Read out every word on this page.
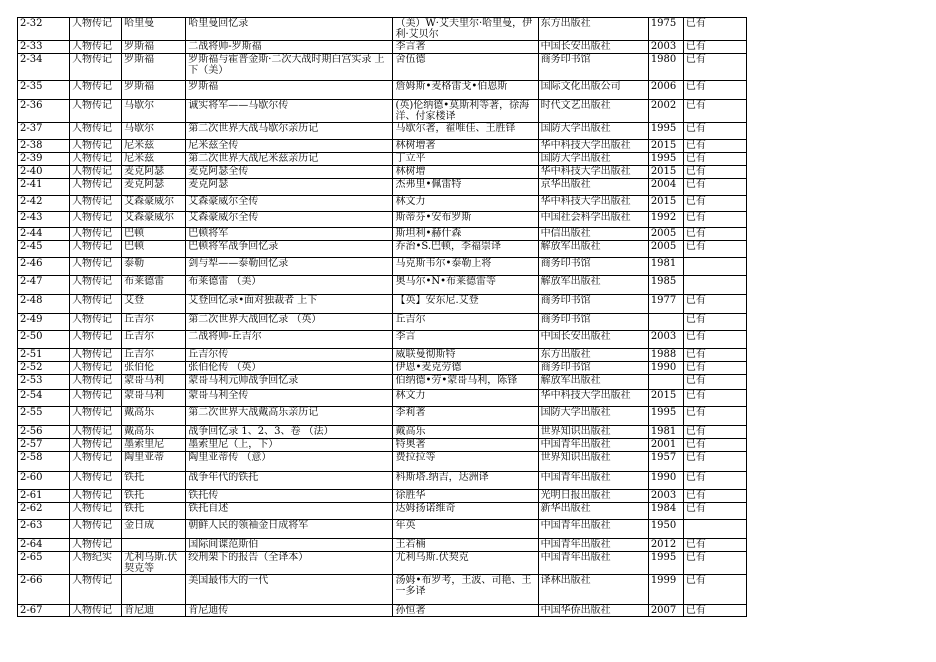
2-32	人物传记	哈里曼	哈里曼回忆录	（美）W·艾夫里尔·哈里曼，伊利·艾贝尔	东方出版社	1975	已有
2-33	人物传记	罗斯福	二战将帅-罗斯福	李言著	中国长安出版社	2003	已有
2-34	人物传记	罗斯福	罗斯福与霍普金斯·二次大战时期白宫实录 上下（美）	舍伍德	商务印书馆	1980	已有
2-35	人物传记	罗斯福	罗斯福	詹姆斯•麦格雷戈•伯恩斯	国际文化出版公司	2006	已有
2-36	人物传记	马歇尔	诚实将军——马歇尔传	(英)伦纳德•莫斯利等著，徐海洋、付家楼译	时代文艺出版社	2002	已有
2-37	人物传记	马歇尔	第二次世界大战马歇尔亲历记	马歇尔著，翟唯佳、王胜铎	国防大学出版社	1995	已有
2-38	人物传记	尼米兹	尼米兹全传	林树增著	华中科技大学出版社	2015	已有
2-39	人物传记	尼米兹	第二次世界大战尼米兹亲历记	丁立平	国防大学出版社	1995	已有
2-40	人物传记	麦克阿瑟	麦克阿瑟全传	林树增	华中科技大学出版社	2015	已有
2-41	人物传记	麦克阿瑟	麦克阿瑟	杰弗里•佩雷特	京华出版社	2004	已有
2-42	人物传记	艾森豪威尔	艾森豪威尔全传	林文力	华中科技大学出版社	2015	已有
2-43	人物传记	艾森豪威尔	艾森豪威尔全传	斯蒂芬•安布罗斯	中国社会科学出版社	1992	已有
2-44	人物传记	巴顿	巴顿将军	斯坦利•赫什森	中信出版社	2005	已有
2-45	人物传记	巴顿	巴顿将军战争回忆录	乔治•S.巴顿，李福崇译	解放军出版社	2005	已有
2-46	人物传记	泰勒	剑与犁——泰勒回忆录	马克斯韦尔•泰勒上将	商务印书馆	1981	
2-47	人物传记	布莱德雷	布莱德雷 （美）	奥马尔•N•布莱德雷等	解放军出版社	1985	
2-48	人物传记	艾登	艾登回忆录•面对独裁者 上下	【英】安东尼.艾登	商务印书馆	1977	已有
2-49	人物传记	丘吉尔	第二次世界大战回忆录 （英）	丘吉尔	商务印书馆		已有
2-50	人物传记	丘吉尔	二战将帅-丘吉尔	李言	中国长安出版社	2003	已有
2-51	人物传记	丘吉尔	丘吉尔传	威联曼彻斯特	东方出版社	1988	已有
2-52	人物传记	张伯伦	张伯伦传 （英）	伊恩•麦克劳德	商务印书馆	1990	已有
2-53	人物传记	蒙哥马利	蒙哥马利元帅战争回忆录	伯纳德•劳•蒙哥马利，陈锋	解放军出版社		已有
2-54	人物传记	蒙哥马利	蒙哥马利全传	林文力	华中科技大学出版社	2015	已有
2-55	人物传记	戴高乐	第二次世界大战戴高乐亲历记	李莉著	国防大学出版社	1995	已有
2-56	人物传记	戴高乐	战争回忆录 1、2、3、卷 （法）	戴高乐	世界知识出版社	1981	已有
2-57	人物传记	墨索里尼	墨索里尼（上，下）	特奥著	中国青年出版社	2001	已有
2-58	人物传记	陶里亚蒂	陶里亚蒂传 （意）	费拉拉等	世界知识出版社	1957	已有
2-60	人物传记	铁托	战争年代的铁托	科斯塔.纳吉，达洲译	中国青年出版社	1990	已有
2-61	人物传记	铁托	铁托传	徐胜华	光明日报出版社	2003	已有
2-62	人物传记	铁托	铁托自述	达姆扬诺维奇	新华出版社	1984	已有
2-63	人物传记	金日成	朝鲜人民的领袖金日成将军	年英	中国青年出版社	1950	
2-64	人物传记		国际间谍范斯伯	王若楠	中国青年出版社	2012	已有
2-65	人物纪实	尤利乌斯.伏契克等	绞刑架下的报告（全译本）	尤利乌斯.伏契克	中国青年出版社	1995	已有
2-66	人物传记		美国最伟大的一代	汤姆•布罗考，王波、司艳、王一多译	译林出版社	1999	已有
2-67	人物传记	肯尼迪	肯尼迪传	孙恒著	中国华侨出版社	2007	已有
